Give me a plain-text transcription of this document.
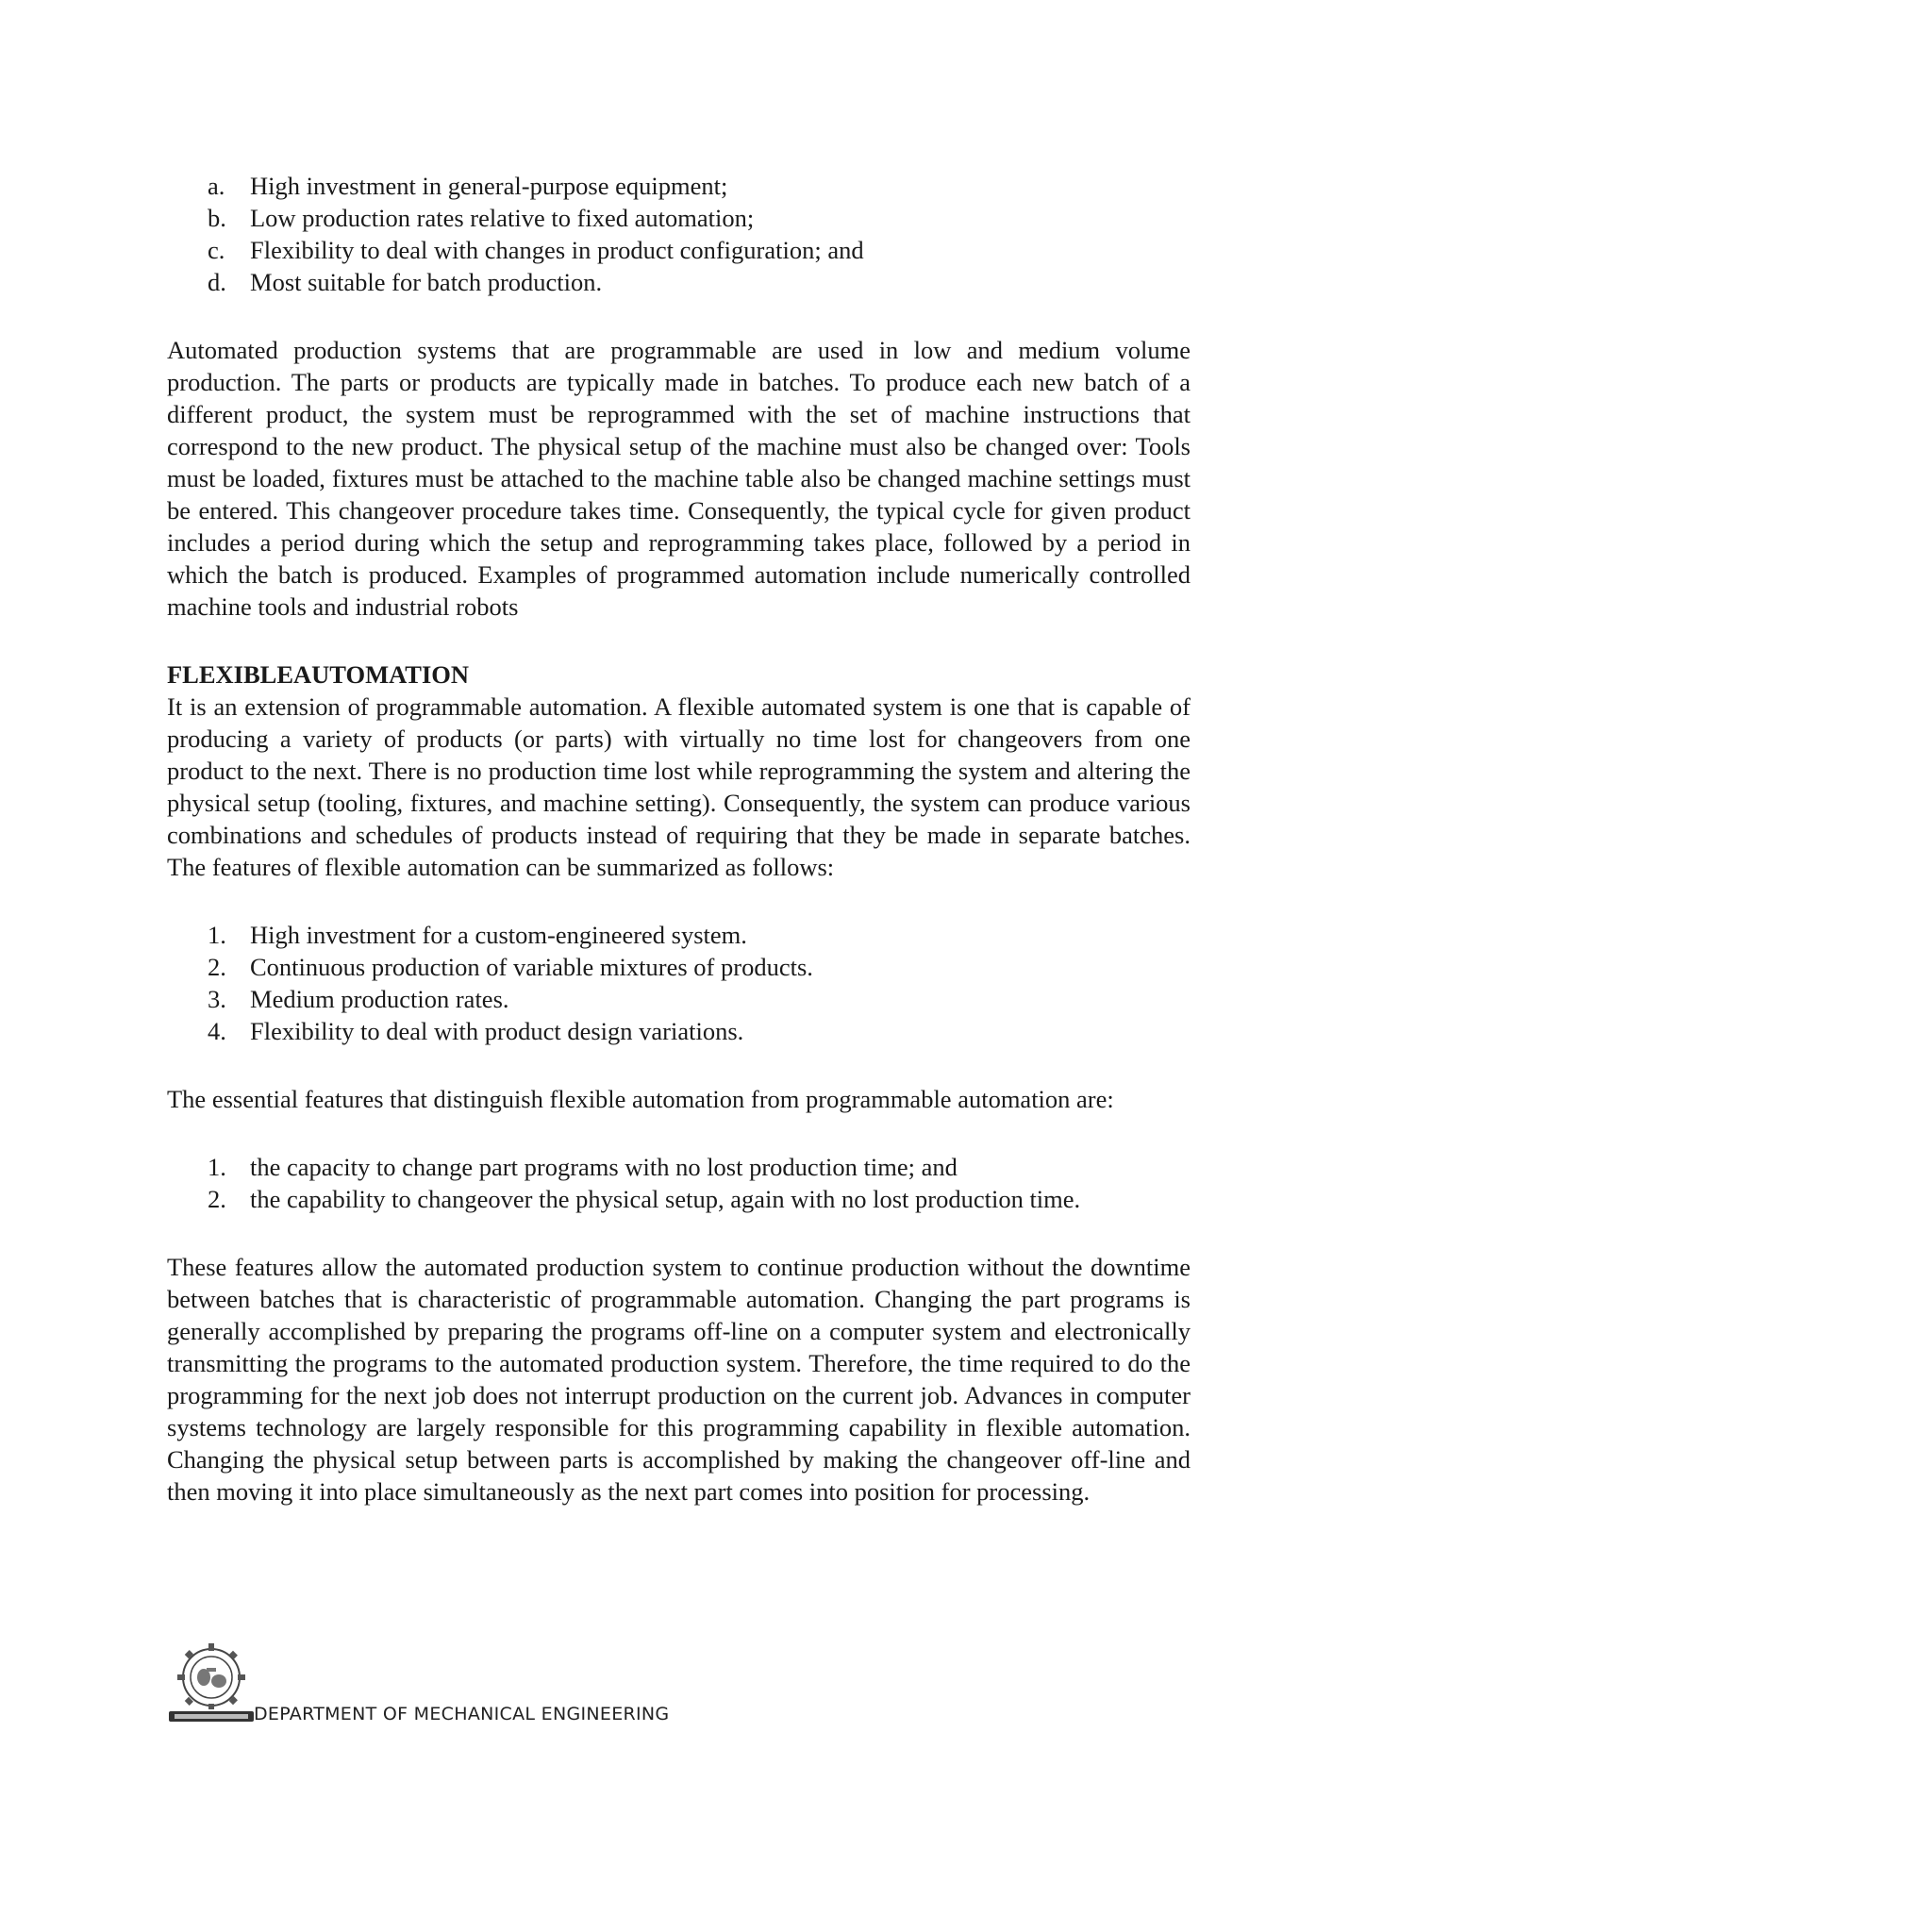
a.	High investment in general-purpose equipment;
b. Low production rates relative to fixed automation;
c.	Flexibility to deal with changes in product configuration; and
d. Most suitable for batch production.

Automated production systems that are programmable are used in low and medium volume production. The parts or products are typically made in batches. To produce each new batch of a different product, the system must be reprogrammed with the set of machine instructions that correspond to the new product. The physical setup of the machine must also be changed over: Tools must be loaded, fixtures must be attached to the machine table also be changed machine settings must be entered. This changeover procedure takes time. Consequently, the typical cycle for given product includes a period during which the setup and reprogramming takes place, followed by a period in which the batch is produced. Examples of programmed automation include numerically controlled machine tools and industrial robots

FLEXIBLEAUTOMATION

It is an extension of programmable automation. A flexible automated system is one that is capable of producing a variety of products (or parts) with virtually no time lost for changeovers from one product to the next. There is no production time lost while reprogramming the system and altering the physical setup (tooling, fixtures, and machine setting). Consequently, the system can produce various combinations and schedules of products instead of requiring that they be made in separate batches. The features of flexible automation can be summarized as follows:

1. High investment for a custom-engineered system.
2. Continuous production of variable mixtures of products.
3. Medium production rates.
4. Flexibility to deal with product design variations.

The essential features that distinguish flexible automation from programmable automation are:

1. the capacity to change part programs with no lost production time; and
2. the capability to changeover the physical setup, again with no lost production time.

These features allow the automated production system to continue production without the downtime between batches that is characteristic of programmable automation. Changing the part programs is generally accomplished by preparing the programs off-line on a computer system and electronically transmitting the programs to the automated production system. Therefore, the time required to do the programming for the next job does not interrupt production on the current job. Advances in computer systems technology are largely responsible for this programming capability in flexible automation. Changing the physical setup between parts is accomplished by making the changeover off-line and then moving it into place simultaneously as the next part comes into position for processing.

DEPARTMENT OF MECHANICAL ENGINEERING
